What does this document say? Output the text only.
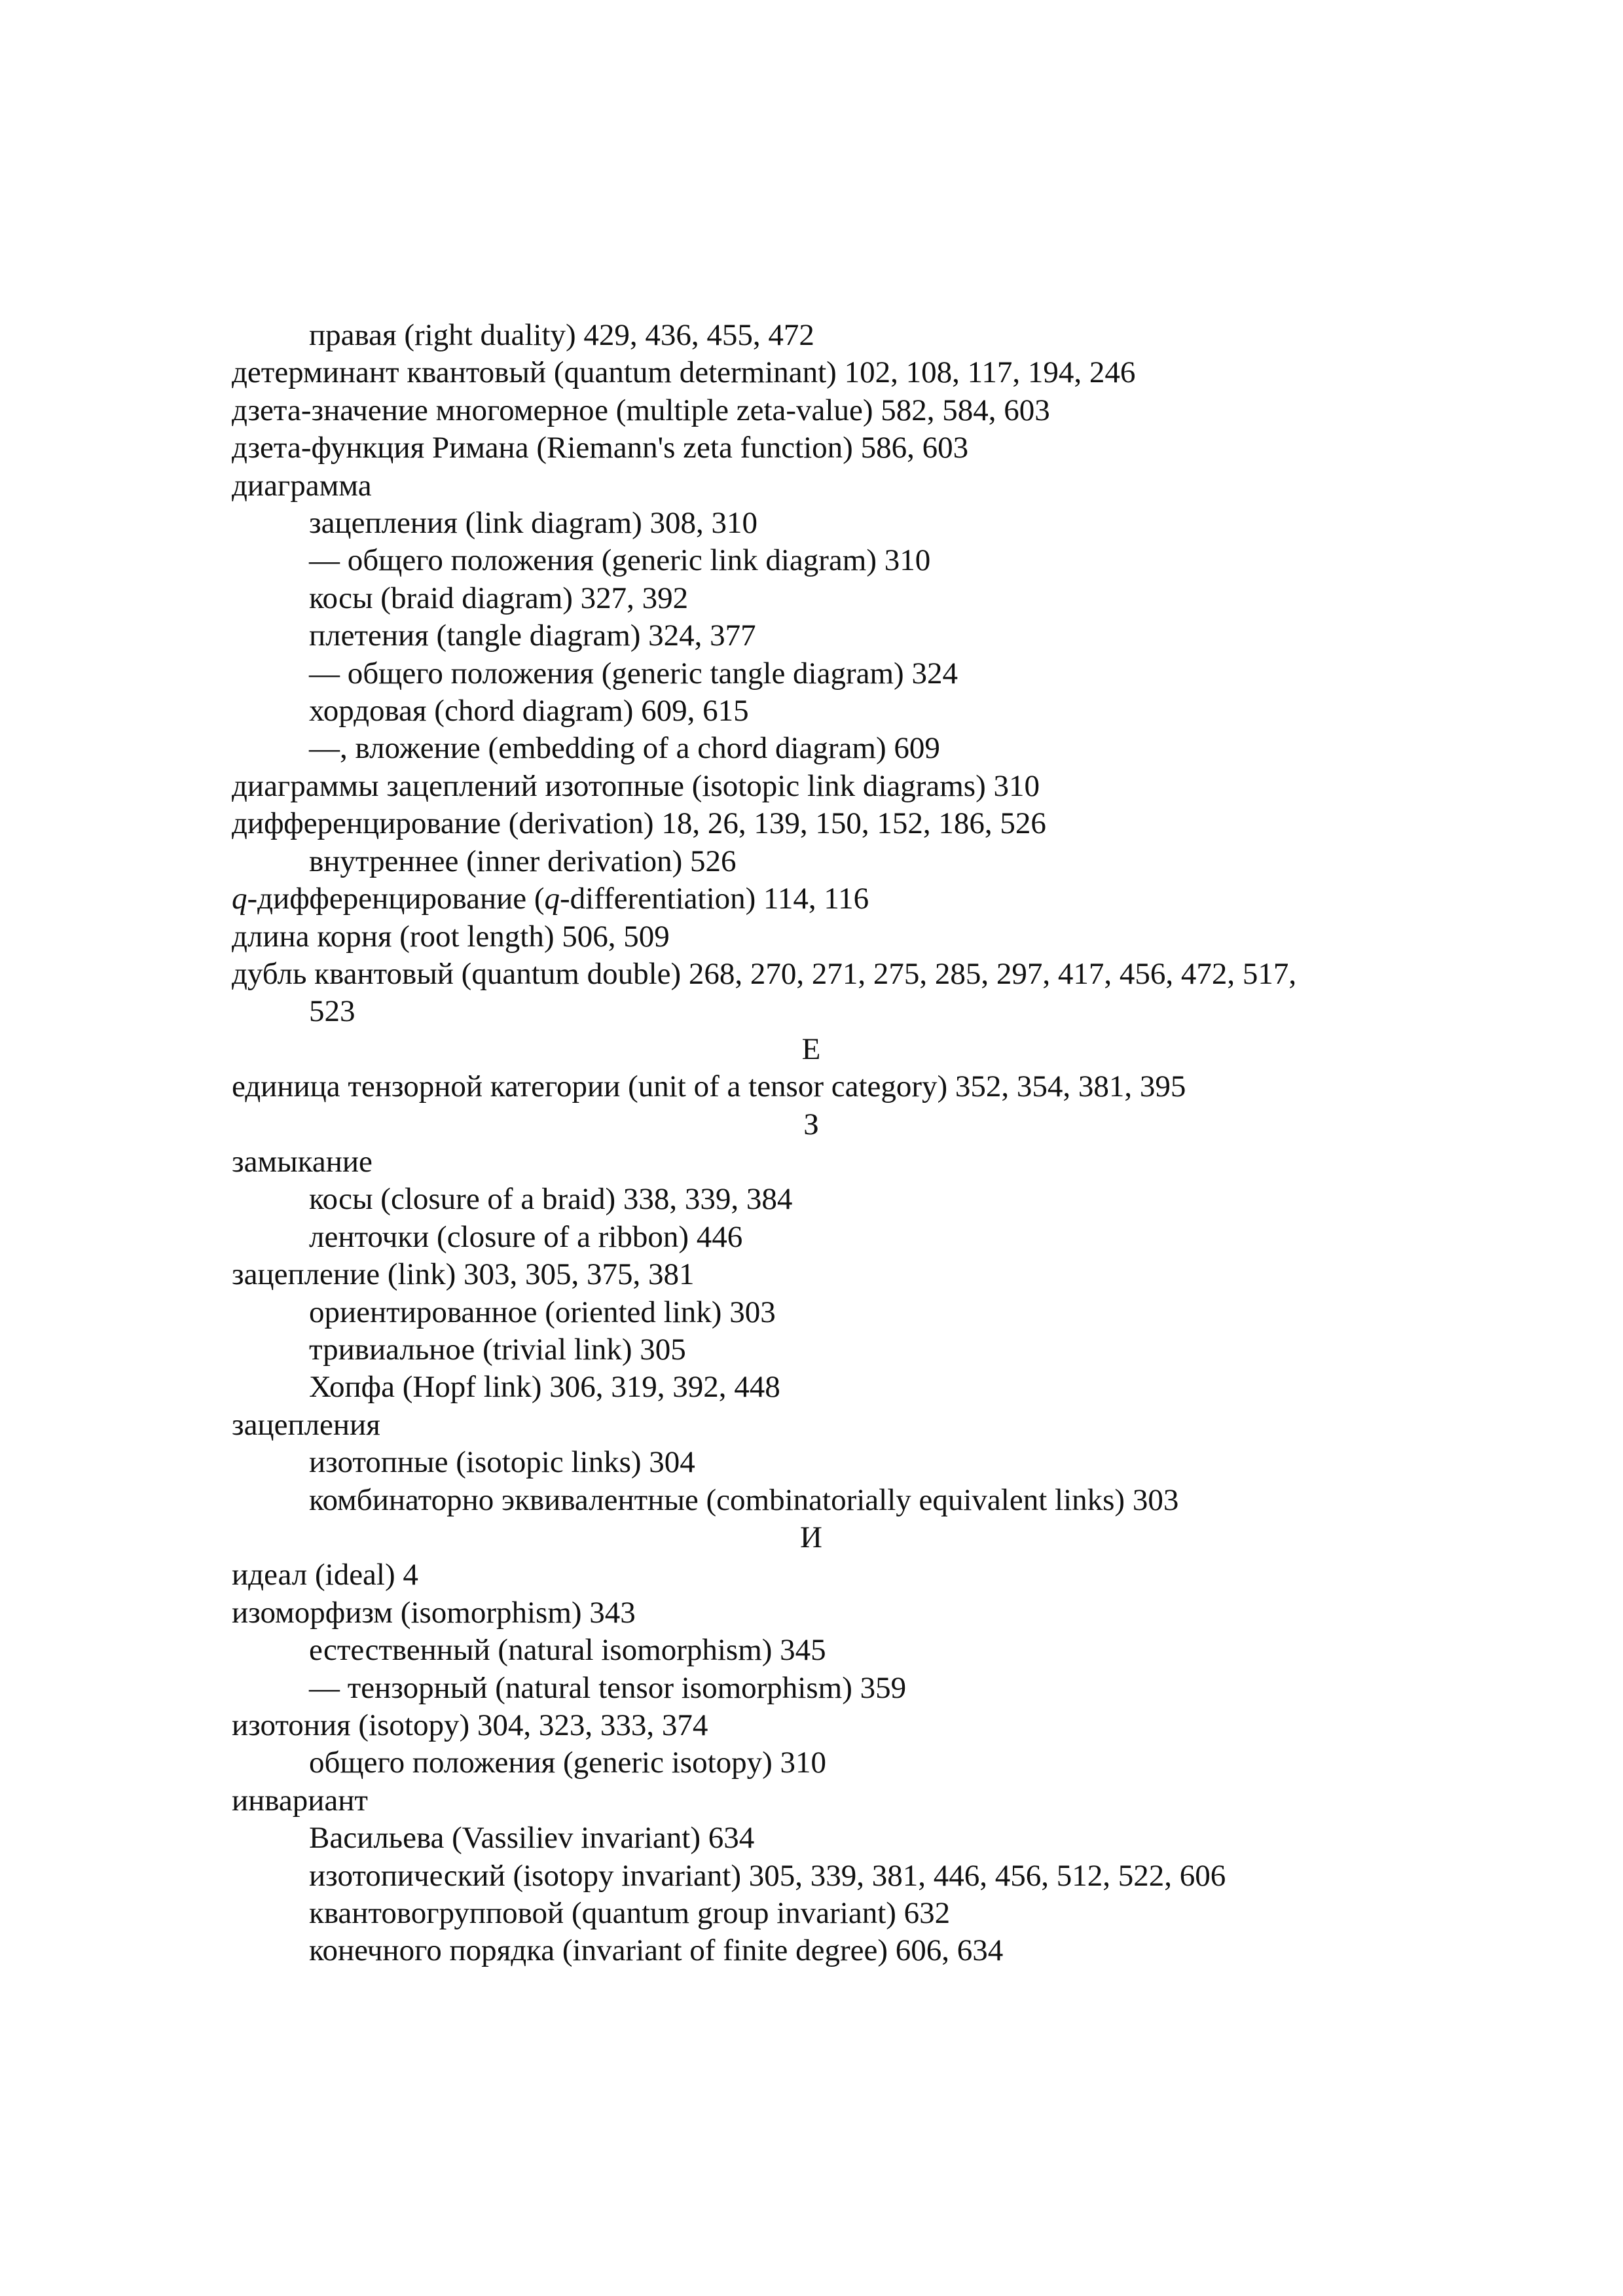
правая (right duality) 429, 436, 455, 472
детерминант квантовый (quantum determinant) 102, 108, 117, 194, 246
дзета-значение многомерное (multiple zeta-value) 582, 584, 603
дзета-функция Римана (Riemann's zeta function) 586, 603
диаграмма
зацепления (link diagram) 308, 310
— общего положения (generic link diagram) 310
косы (braid diagram) 327, 392
плетения (tangle diagram) 324, 377
— общего положения (generic tangle diagram) 324
хордовая (chord diagram) 609, 615
—, вложение (embedding of a chord diagram) 609
диаграммы зацеплений изотопные (isotopic link diagrams) 310
дифференцирование (derivation) 18, 26, 139, 150, 152, 186, 526
внутреннее (inner derivation) 526
q-дифференцирование (q-differentiation) 114, 116
длина корня (root length) 506, 509
дубль квантовый (quantum double) 268, 270, 271, 275, 285, 297, 417, 456, 472, 517,
523
Е
единица тензорной категории (unit of a tensor category) 352, 354, 381, 395
З
замыкание
косы (closure of a braid) 338, 339, 384
ленточки (closure of a ribbon) 446
зацепление (link) 303, 305, 375, 381
ориентированное (oriented link) 303
тривиальное (trivial link) 305
Хопфа (Hopf link) 306, 319, 392, 448
зацепления
изотопные (isotopic links) 304
комбинаторно эквивалентные (combinatorially equivalent links) 303
И
идеал (ideal) 4
изоморфизм (isomorphism) 343
естественный (natural isomorphism) 345
— тензорный (natural tensor isomorphism) 359
изотония (isotopy) 304, 323, 333, 374
общего положения (generic isotopy) 310
инвариант
Васильева (Vassiliev invariant) 634
изотопический (isotopy invariant) 305, 339, 381, 446, 456, 512, 522, 606
квантовогрупповой (quantum group invariant) 632
конечного порядка (invariant of finite degree) 606, 634
